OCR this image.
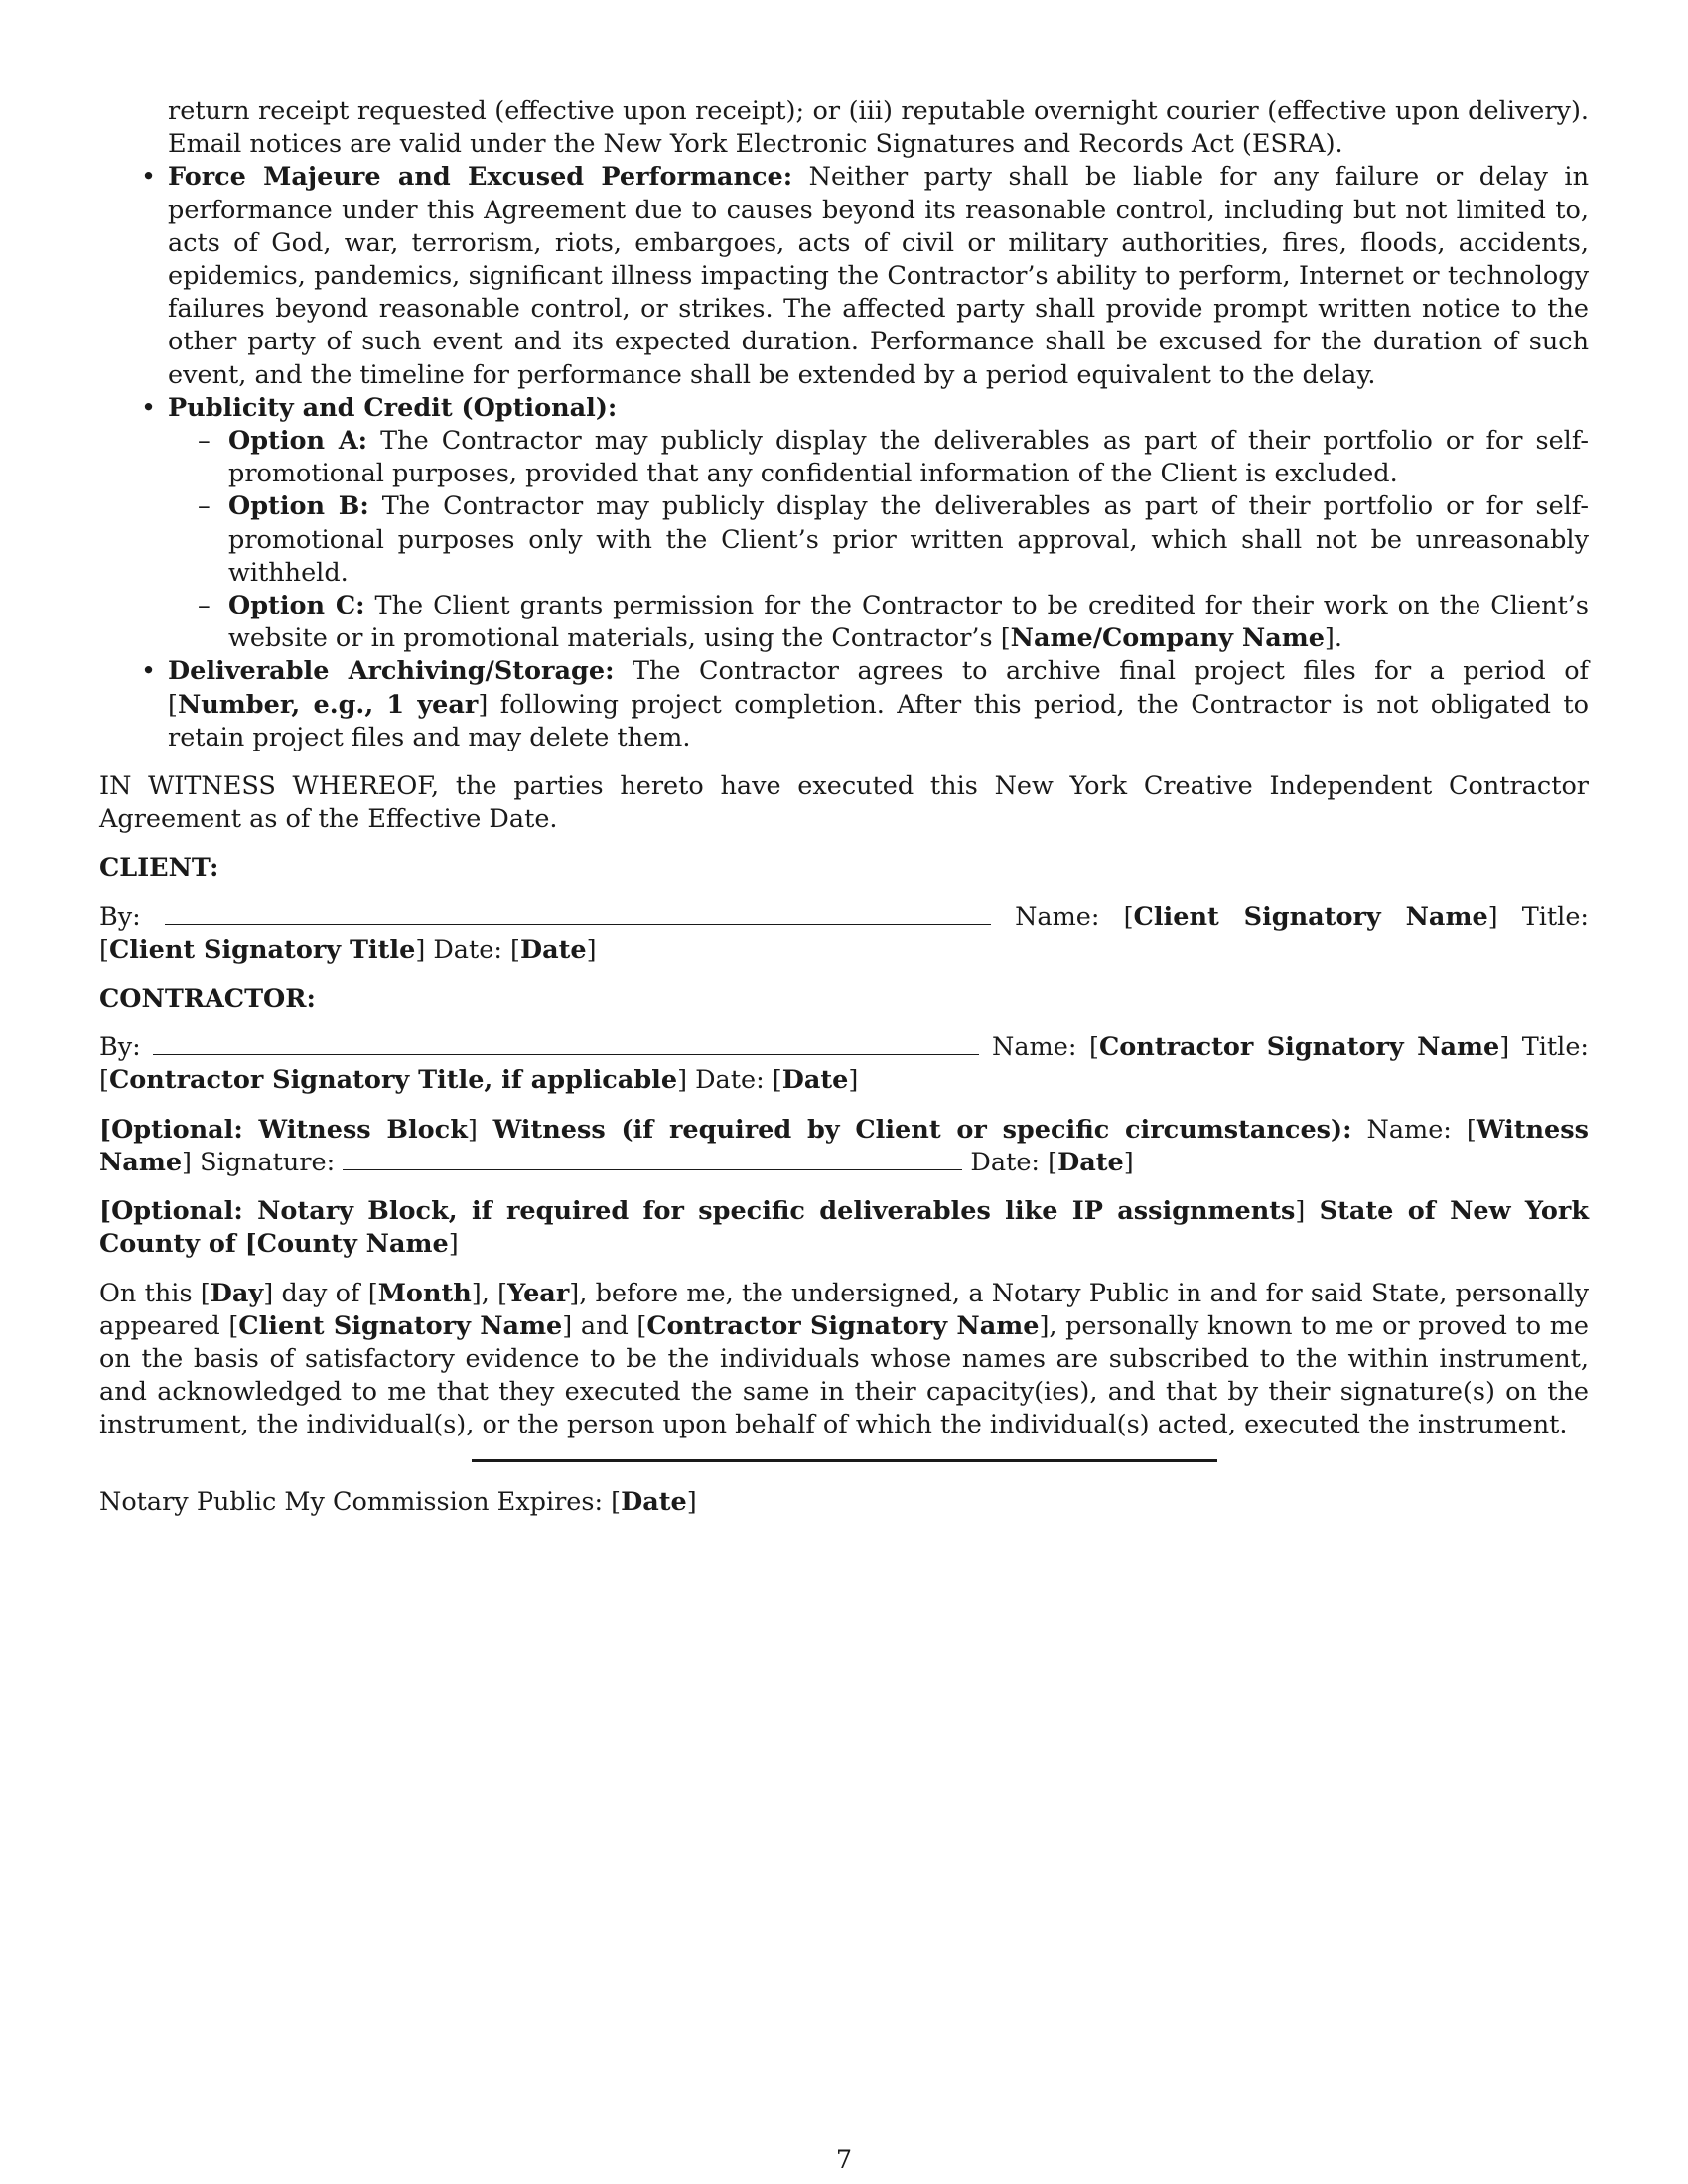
return receipt requested (effective upon receipt); or (iii) reputable overnight courier (effective upon delivery). Email notices are valid under the New York Electronic Signatures and Records Act (ESRA).
• Force Majeure and Excused Performance: Neither party shall be liable for any failure or delay in performance under this Agreement due to causes beyond its reasonable control, including but not limited to, acts of God, war, terrorism, riots, embargoes, acts of civil or military authorities, fires, floods, accidents, epidemics, pandemics, significant illness impacting the Contractor’s ability to perform, Internet or technology failures beyond reasonable control, or strikes. The affected party shall provide prompt written notice to the other party of such event and its expected duration. Performance shall be excused for the duration of such event, and the timeline for performance shall be extended by a period equivalent to the delay.
• Publicity and Credit (Optional):
– Option A: The Contractor may publicly display the deliverables as part of their portfolio or for self-promotional purposes, provided that any confidential information of the Client is excluded.
– Option B: The Contractor may publicly display the deliverables as part of their portfolio or for self-promotional purposes only with the Client’s prior written approval, which shall not be unreasonably withheld.
– Option C: The Client grants permission for the Contractor to be credited for their work on the Client’s website or in promotional materials, using the Contractor’s [Name/Company Name].
• Deliverable Archiving/Storage: The Contractor agrees to archive final project files for a period of [Number, e.g., 1 year] following project completion. After this period, the Contractor is not obligated to retain project files and may delete them.

IN WITNESS WHEREOF, the parties hereto have executed this New York Creative Independent Contractor Agreement as of the Effective Date.

CLIENT:

By:	Name: [Client Signatory Name] Title: [Client Signatory Title] Date: [Date]

CONTRACTOR:

By:	Name: [Contractor Signatory Name] Title: [Contractor Signatory Title, if applicable] Date: [Date]

[Optional: Witness Block] Witness (if required by Client or specific circumstances): Name: [Witness Name] Signature:	Date: [Date]

[Optional: Notary Block, if required for specific deliverables like IP assignments] State of New York County of [County Name]

On this [Day] day of [Month], [Year], before me, the undersigned, a Notary Public in and for said State, personally appeared [Client Signatory Name] and [Contractor Signatory Name], personally known to me or proved to me on the basis of satisfactory evidence to be the individuals whose names are subscribed to the within instrument, and acknowledged to me that they executed the same in their capacity(ies), and that by their signature(s) on the instrument, the individual(s), or the person upon behalf of which the individual(s) acted, executed the instrument.

Notary Public My Commission Expires: [Date]
7
